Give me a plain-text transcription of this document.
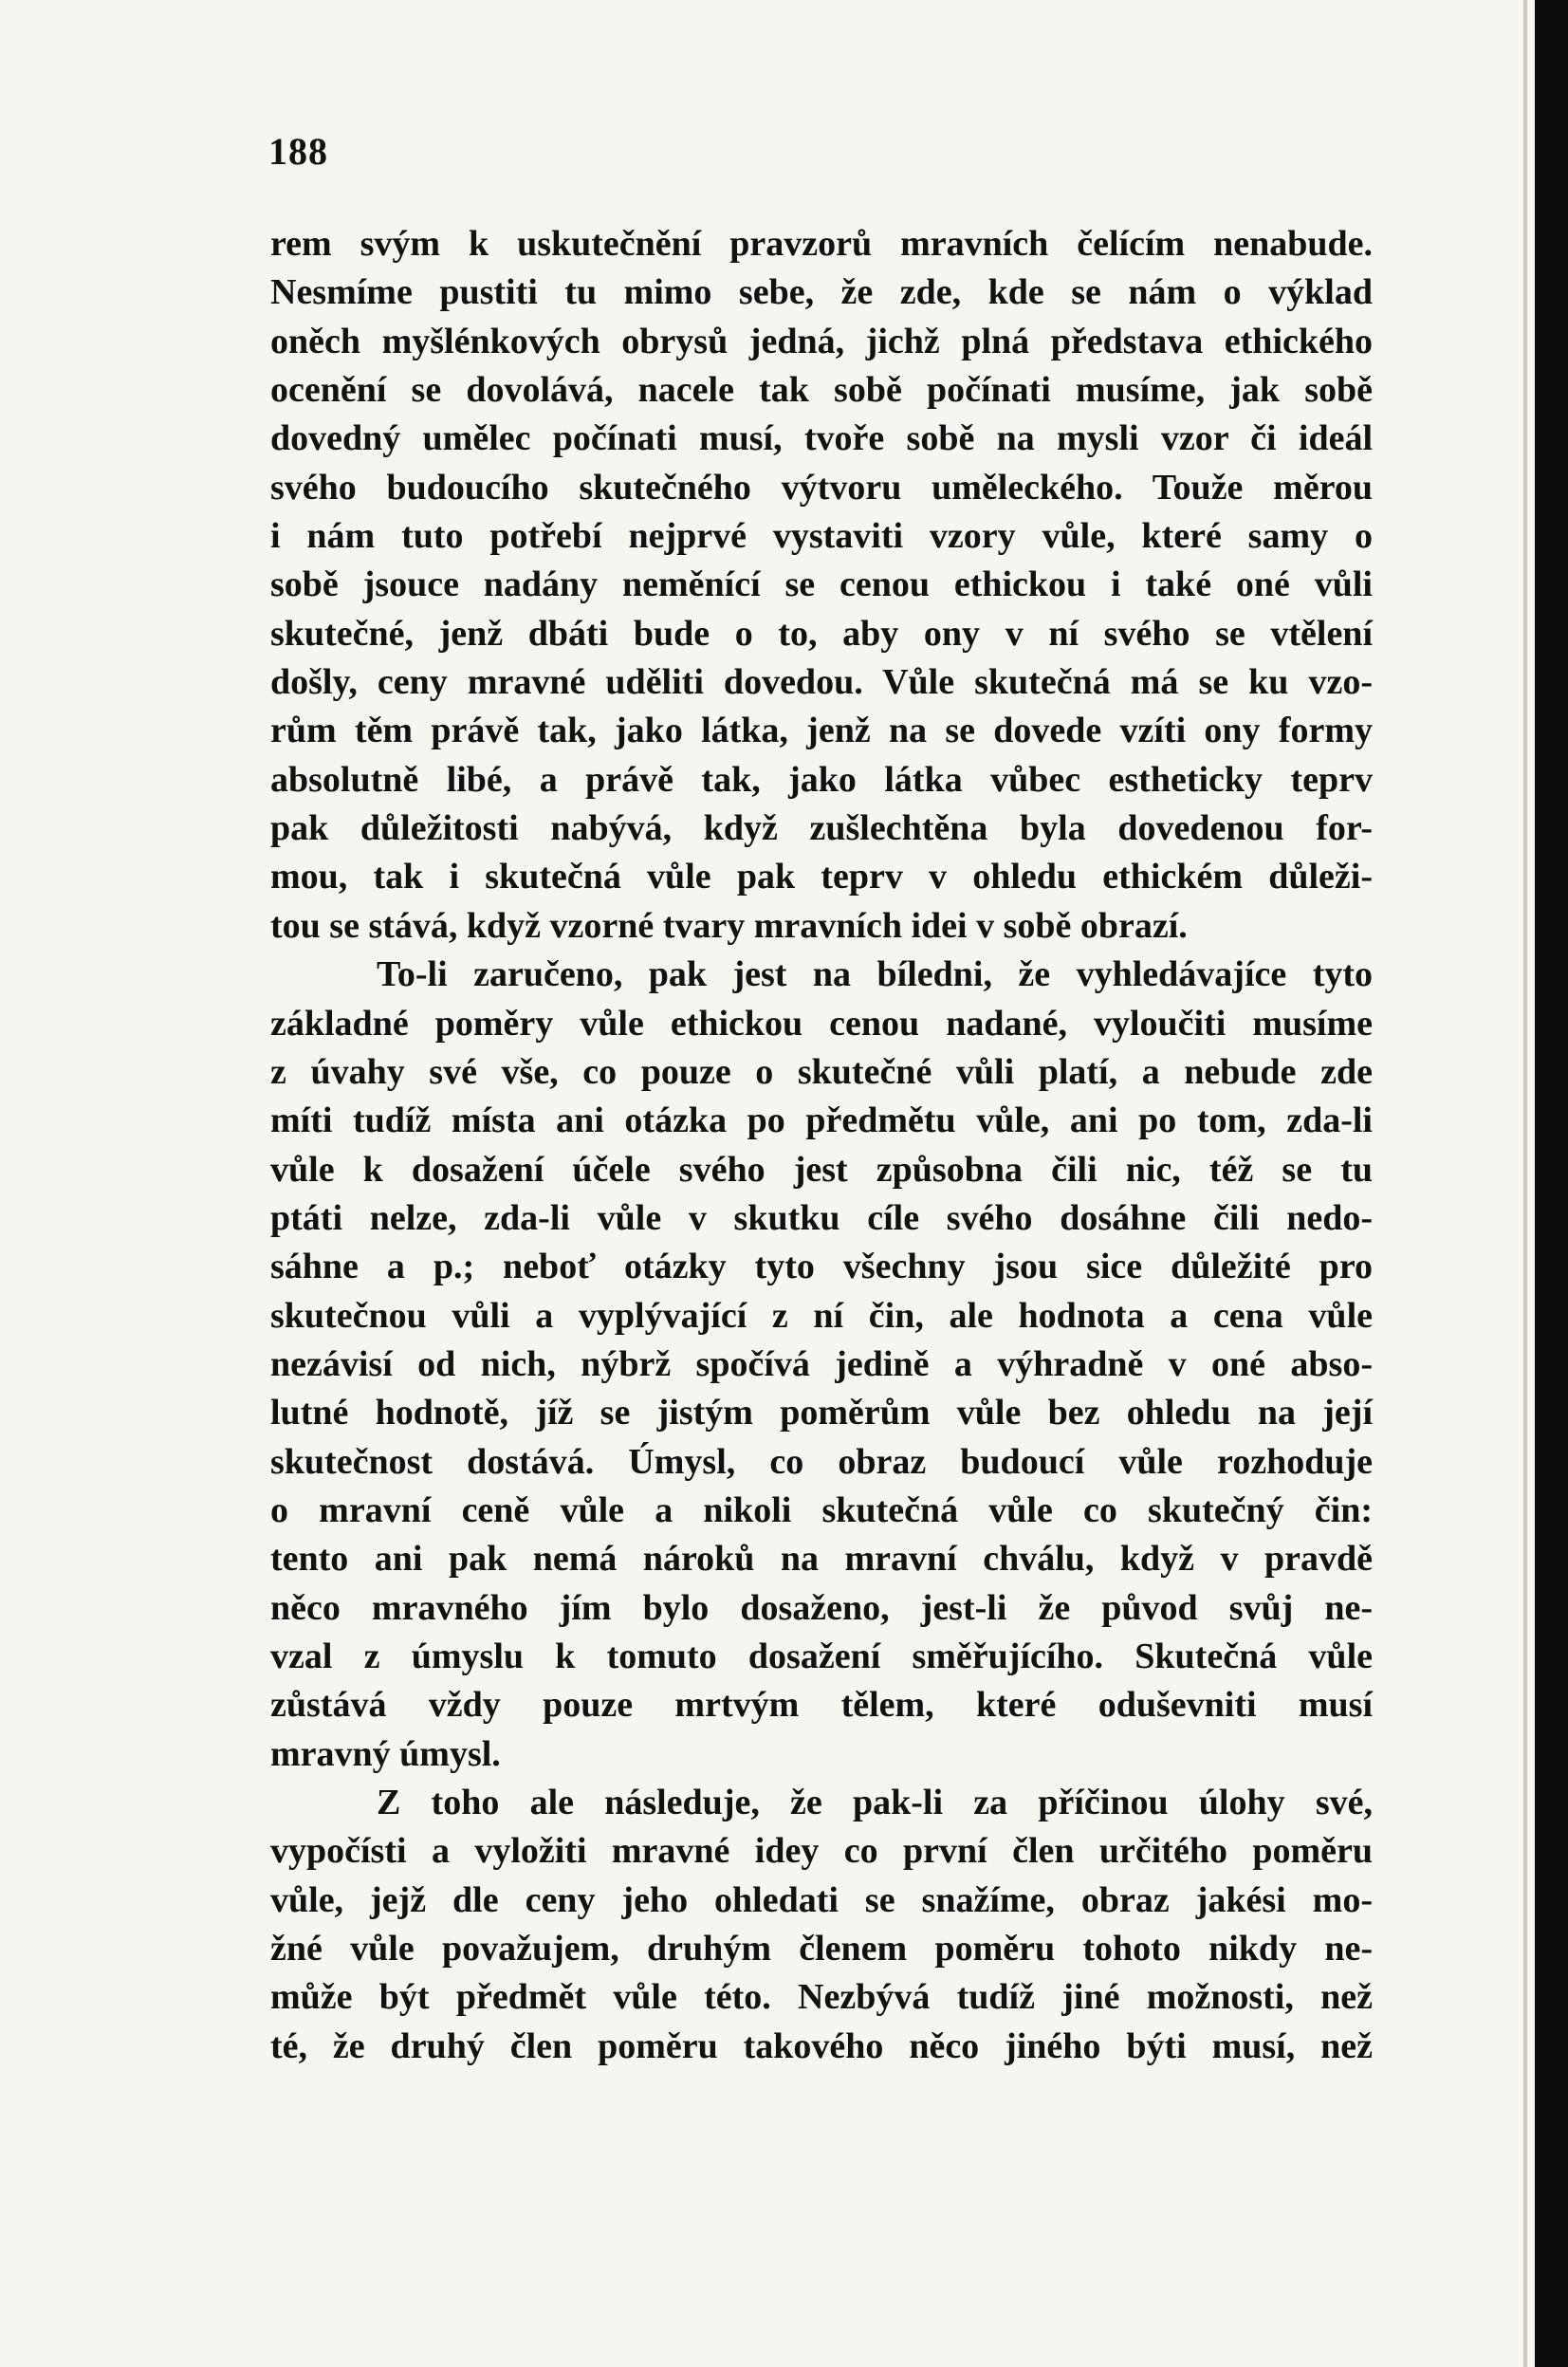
188
rem svým k uskutečnění pravzorů mravních čelícím nenabude.
Nesmíme pustiti tu mimo sebe, že zde, kde se nám o výklad
oněch myšlénkových obrysů jedná, jichž plná představa ethického
ocenění se dovolává, nacele tak sobě počínati musíme, jak sobě
dovedný umělec počínati musí, tvoře sobě na mysli vzor či ideál
svého budoucího skutečného výtvoru uměleckého. Touže měrou
i nám tuto potřebí nejprvé vystaviti vzory vůle, které samy o
sobě jsouce nadány neměnící se cenou ethickou i také oné vůli
skutečné, jenž dbáti bude o to, aby ony v ní svého se vtělení
došly, ceny mravné uděliti dovedou. Vůle skutečná má se ku vzo-
rům těm právě tak, jako látka, jenž na se dovede vzíti ony formy
absolutně libé, a právě tak, jako látka vůbec estheticky teprv
pak důležitosti nabývá, když zušlechtěna byla dovedenou for-
mou, tak i skutečná vůle pak teprv v ohledu ethickém důleži-
tou se stává, když vzorné tvary mravních idei v sobě obrazí.
To-li zaručeno, pak jest na bíledni, že vyhledávajíce tyto
základné poměry vůle ethickou cenou nadané, vyloučiti musíme
z úvahy své vše, co pouze o skutečné vůli platí, a nebude zde
míti tudíž místa ani otázka po předmětu vůle, ani po tom, zda-li
vůle k dosažení účele svého jest způsobna čili nic, též se tu
ptáti nelze, zda-li vůle v skutku cíle svého dosáhne čili nedo-
sáhne a p.; neboť otázky tyto všechny jsou sice důležité pro
skutečnou vůli a vyplývající z ní čin, ale hodnota a cena vůle
nezávisí od nich, nýbrž spočívá jedině a výhradně v oné abso-
lutné hodnotě, jíž se jistým poměrům vůle bez ohledu na její
skutečnost dostává. Úmysl, co obraz budoucí vůle rozhoduje
o mravní ceně vůle a nikoli skutečná vůle co skutečný čin:
tento ani pak nemá nároků na mravní chválu, když v pravdě
něco mravného jím bylo dosaženo, jest-li že původ svůj ne-
vzal z úmyslu k tomuto dosažení směřujícího. Skutečná vůle
zůstává vždy pouze mrtvým tělem, které oduševniti musí
mravný úmysl.
Z toho ale následuje, že pak-li za příčinou úlohy své,
vypočísti a vyložiti mravné idey co první člen určitého poměru
vůle, jejž dle ceny jeho ohledati se snažíme, obraz jakési mo-
žné vůle považujem, druhým členem poměru tohoto nikdy ne-
může být předmět vůle této. Nezbývá tudíž jiné možnosti, než
té, že druhý člen poměru takového něco jiného býti musí, než
